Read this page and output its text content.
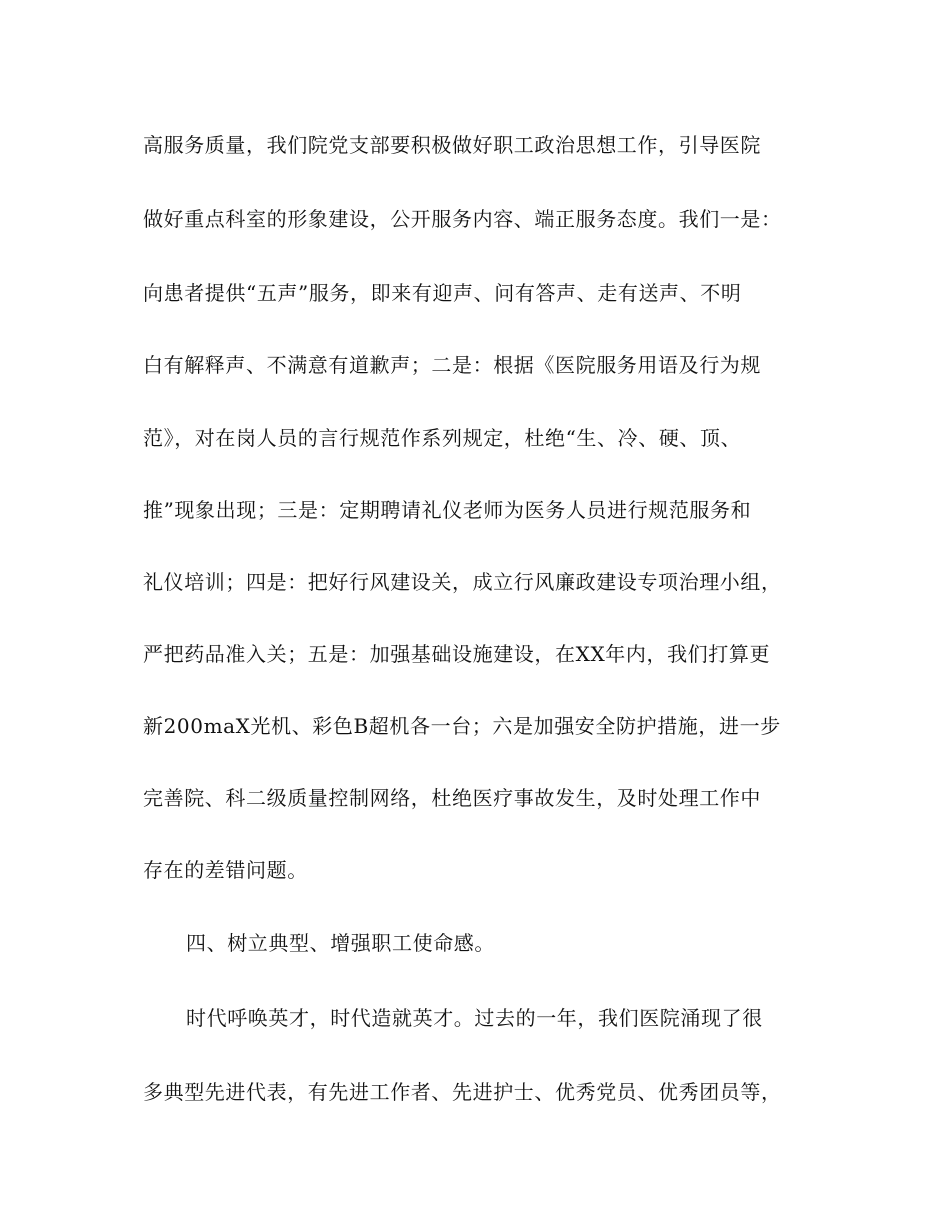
高服务质量，我们院党支部要积极做好职工政治思想工作，引导医院
做好重点科室的形象建设，公开服务内容、端正服务态度。我们一是：
向患者提供“五声”服务，即来有迎声、问有答声、走有送声、不明
白有解释声、不满意有道歉声；二是：根据《医院服务用语及行为规
范》，对在岗人员的言行规范作系列规定，杜绝“生、冷、硬、顶、
推”现象出现；三是：定期聘请礼仪老师为医务人员进行规范服务和
礼仪培训；四是：把好行风建设关，成立行风廉政建设专项治理小组，
严把药品准入关；五是：加强基础设施建设，在XX年内，我们打算更
新200maX光机、彩色B超机各一台；六是加强安全防护措施，进一步
完善院、科二级质量控制网络，杜绝医疗事故发生，及时处理工作中
存在的差错问题。
四、树立典型、增强职工使命感。
时代呼唤英才，时代造就英才。过去的一年，我们医院涌现了很
多典型先进代表，有先进工作者、先进护士、优秀党员、优秀团员等，
